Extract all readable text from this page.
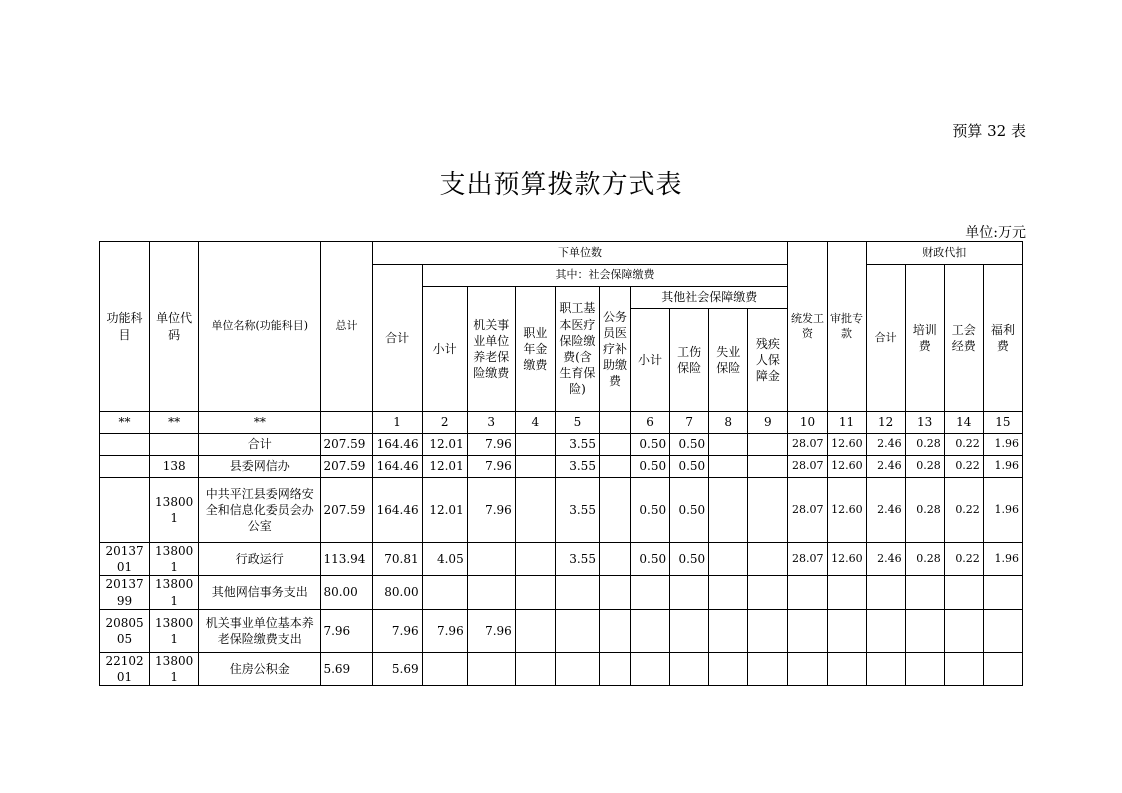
预算 32 表
支出预算拨款方式表
单位:万元
功能科目	单位代码	单位名称(功能科目)	总计	下单位数										统发工资	审批专款	财政代扣			
				合计	其中：社会保障缴费											合计	培训费	工会经费	福利费
					小计	机关事业单位养老保险缴费	职业年金缴费	职工基本医疗保险缴费(含生育保险)	公务员医疗补助缴费	其他社会保障缴费									
										小计	工伤保险	失业保险	残疾人保障金						
**	**	**		1	2	3	4	5		6	7	8	9	10	11	12	13	14	15
		合计	207.59	164.46	12.01	7.96		3.55		0.50	0.50			28.07	12.60	2.46	0.28	0.22	1.96
	138	县委网信办	207.59	164.46	12.01	7.96		3.55		0.50	0.50			28.07	12.60	2.46	0.28	0.22	1.96
	138001	中共平江县委网络安全和信息化委员会办公室	207.59	164.46	12.01	7.96		3.55		0.50	0.50			28.07	12.60	2.46	0.28	0.22	1.96
2013701	138001	行政运行	113.94	70.81	4.05			3.55		0.50	0.50			28.07	12.60	2.46	0.28	0.22	1.96
2013799	138001	其他网信事务支出	80.00	80.00															
2080505	138001	机关事业单位基本养老保险缴费支出	7.96	7.96	7.96	7.96													
2210201	138001	住房公积金	5.69	5.69															
